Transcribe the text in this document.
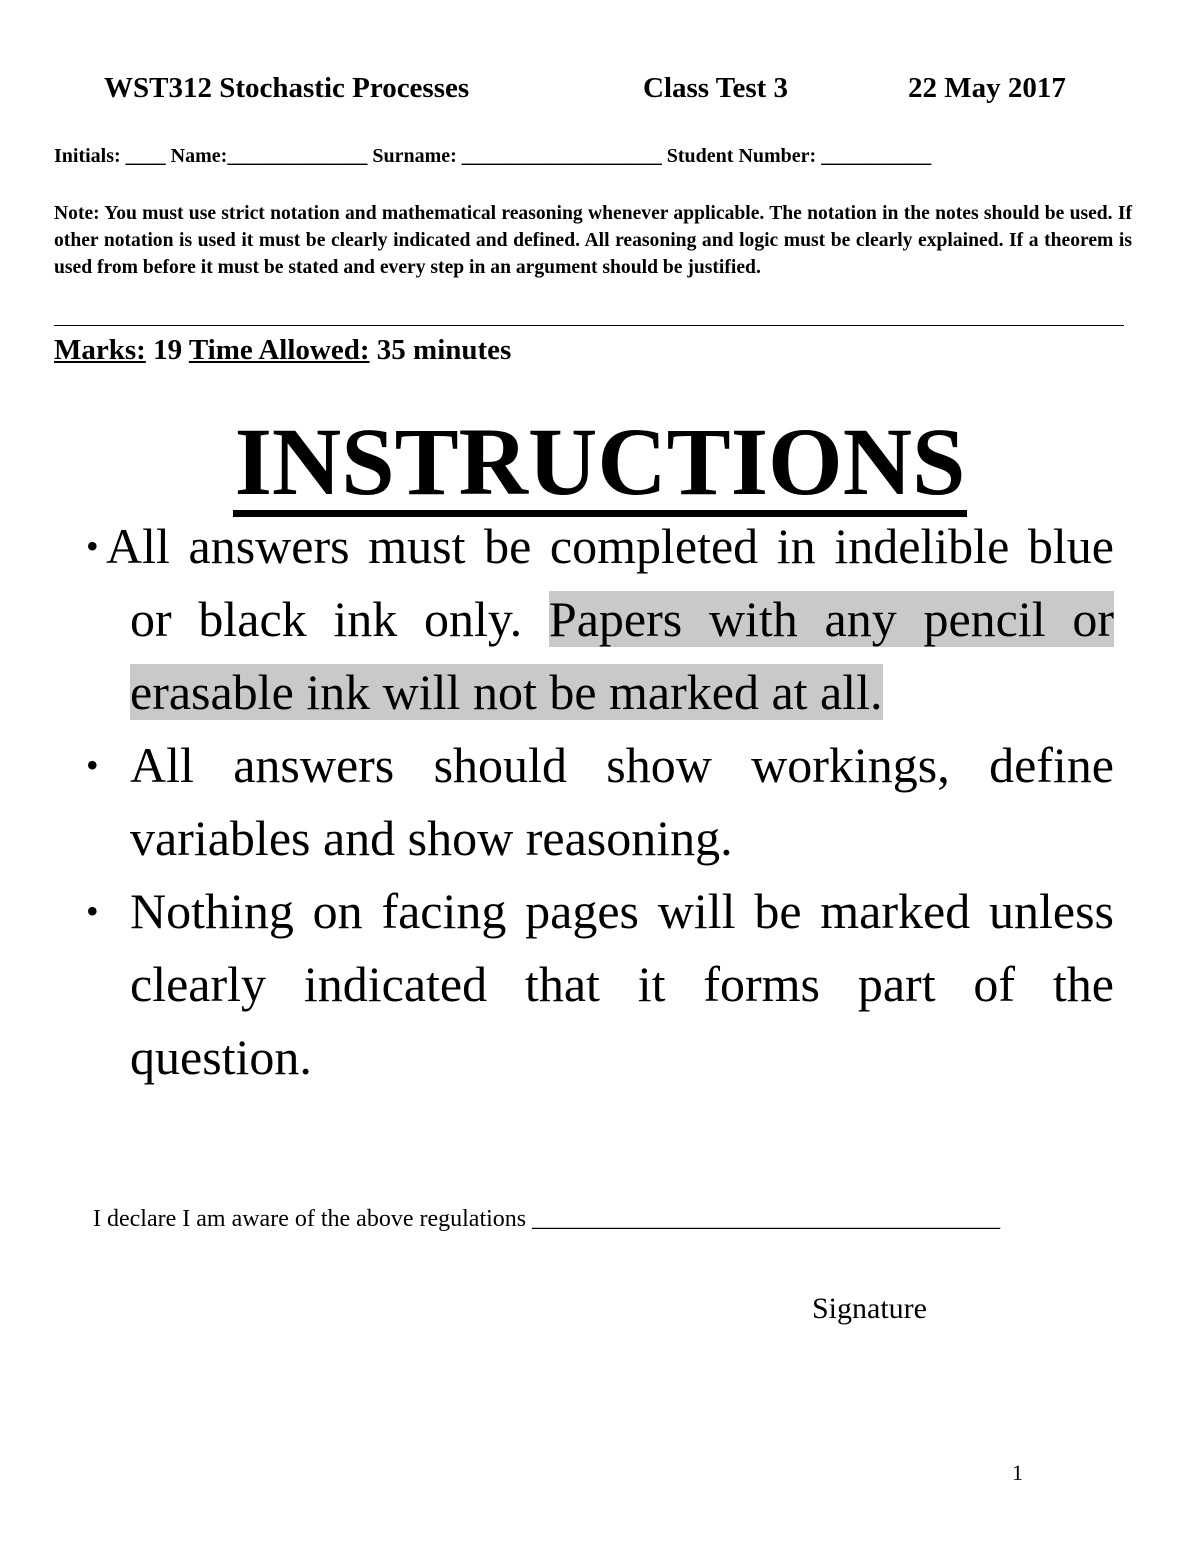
WST312 Stochastic Processes	Class Test 3	22 May 2017
Initials: ____ Name:______________ Surname: ____________________ Student Number: ___________
Note: You must use strict notation and mathematical reasoning whenever applicable. The notation in the notes should be used. If other notation is used it must be clearly indicated and defined. All reasoning and logic must be clearly explained. If a theorem is used from before it must be stated and every step in an argument should be justified.
Marks: 19 Time Allowed: 35 minutes
INSTRUCTIONS
• All answers must be completed in indelible blue or black ink only. Papers with any pencil or erasable ink will not be marked at all.
• All answers should show workings, define variables and show reasoning.
• Nothing on facing pages will be marked unless clearly indicated that it forms part of the question.
I declare I am aware of the above regulations _______________________________________
Signature
1
